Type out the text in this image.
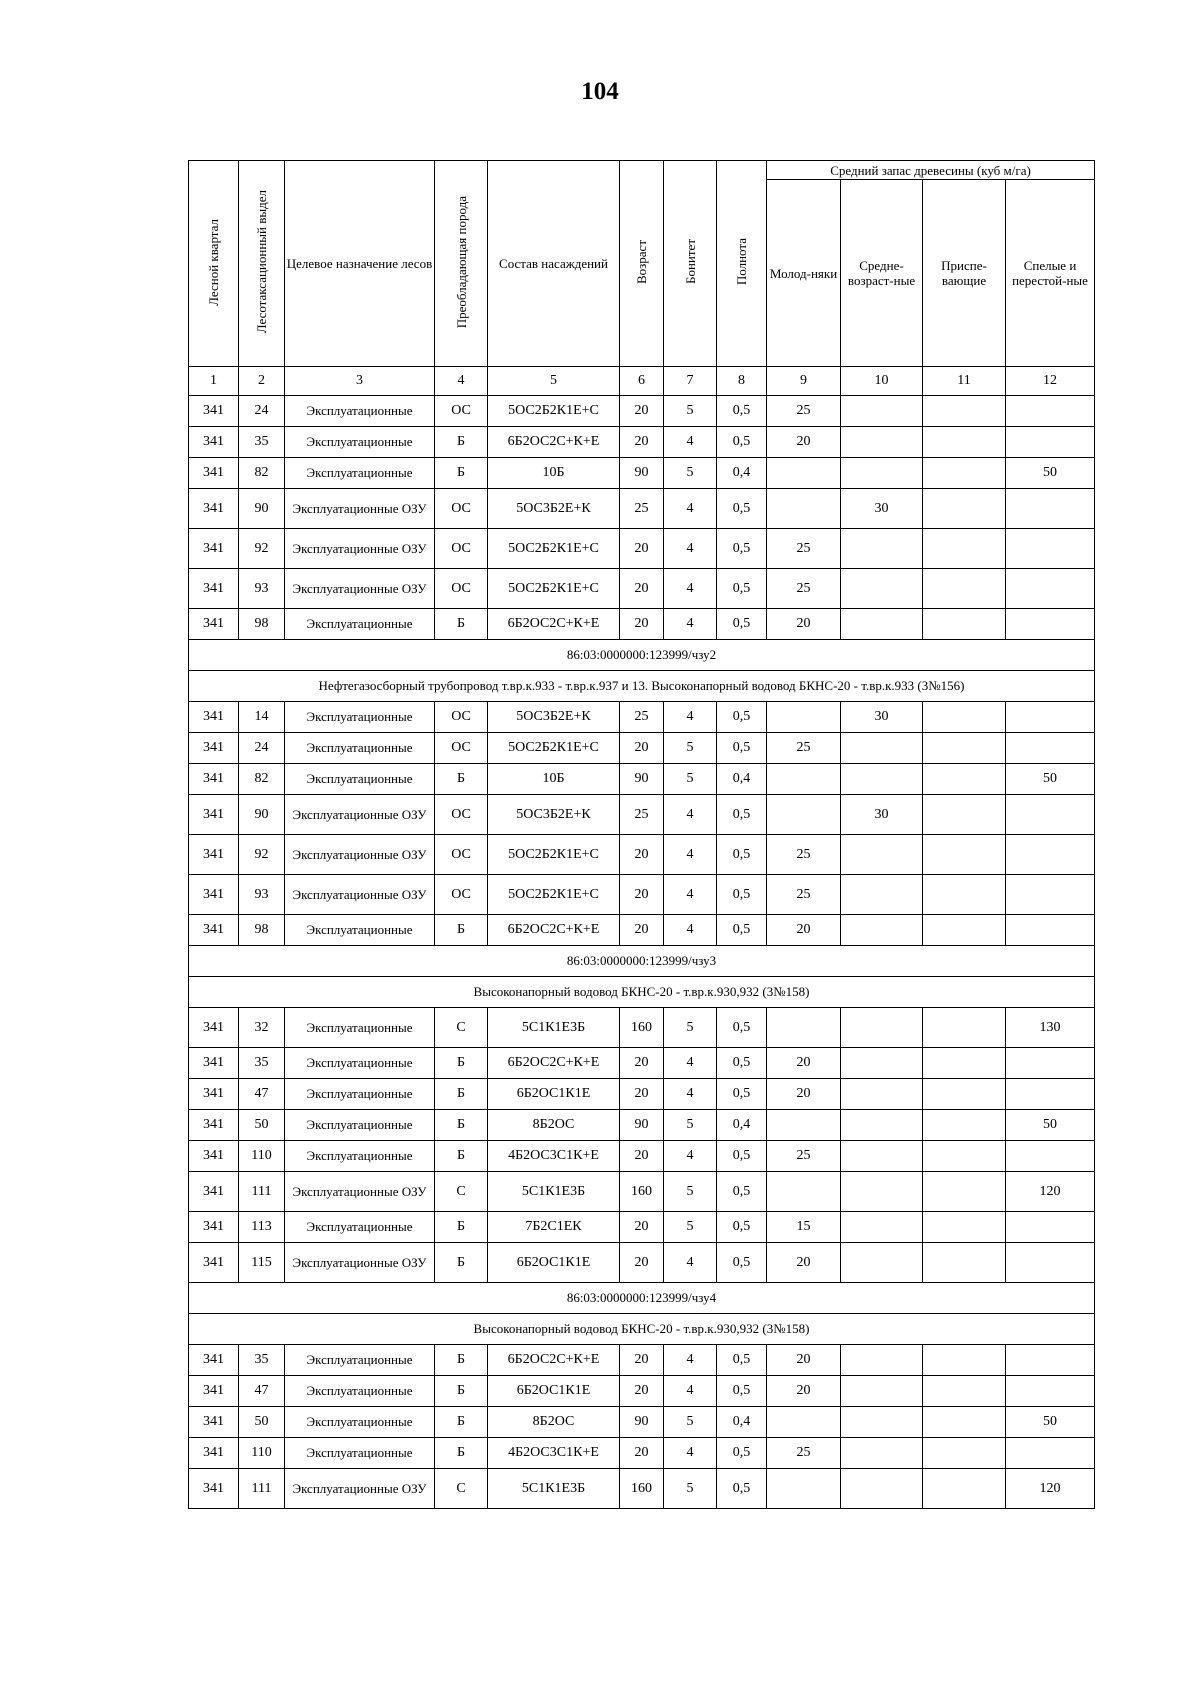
104
Лесной квартал	Лесотаксационный выдел	Целевое назначение лесов	Преобладающая порода	Состав насаждений	Возраст	Бонитет	Полнота	Средний запас древесины (куб м/га)			
								Молод-няки	Средне-возраст-ные	Приспе-вающие	Спелые и перестой-ные
1	2	3	4	5	6	7	8	9	10	11	12
341	24	Эксплуатационные	ОС	5ОС2Б2К1Е+С	20	5	0,5	25			
341	35	Эксплуатационные	Б	6Б2ОС2С+К+Е	20	4	0,5	20			
341	82	Эксплуатационные	Б	10Б	90	5	0,4				50
341	90	Эксплуатационные ОЗУ	ОС	5ОС3Б2Е+К	25	4	0,5		30		
341	92	Эксплуатационные ОЗУ	ОС	5ОС2Б2К1Е+С	20	4	0,5	25			
341	93	Эксплуатационные ОЗУ	ОС	5ОС2Б2К1Е+С	20	4	0,5	25			
341	98	Эксплуатационные	Б	6Б2ОС2С+К+Е	20	4	0,5	20			
86:03:0000000:123999/чзу2											
Нефтегазосборный трубопровод т.вр.к.933 - т.вр.к.937 и 13. Высоконапорный водовод БКНС-20 - т.вр.к.933 (3№156)											
341	14	Эксплуатационные	ОС	5ОС3Б2Е+К	25	4	0,5		30		
341	24	Эксплуатационные	ОС	5ОС2Б2К1Е+С	20	5	0,5	25			
341	82	Эксплуатационные	Б	10Б	90	5	0,4				50
341	90	Эксплуатационные ОЗУ	ОС	5ОС3Б2Е+К	25	4	0,5		30		
341	92	Эксплуатационные ОЗУ	ОС	5ОС2Б2К1Е+С	20	4	0,5	25			
341	93	Эксплуатационные ОЗУ	ОС	5ОС2Б2К1Е+С	20	4	0,5	25			
341	98	Эксплуатационные	Б	6Б2ОС2С+К+Е	20	4	0,5	20			
86:03:0000000:123999/чзу3											
Высоконапорный водовод БКНС-20 - т.вр.к.930,932 (3№158)											
341	32	Эксплуатационные	С	5С1К1Е3Б	160	5	0,5				130
341	35	Эксплуатационные	Б	6Б2ОС2С+К+Е	20	4	0,5	20			
341	47	Эксплуатационные	Б	6Б2ОС1К1Е	20	4	0,5	20			
341	50	Эксплуатационные	Б	8Б2ОС	90	5	0,4				50
341	110	Эксплуатационные	Б	4Б2ОС3С1К+Е	20	4	0,5	25			
341	111	Эксплуатационные ОЗУ	С	5С1К1Е3Б	160	5	0,5				120
341	113	Эксплуатационные	Б	7Б2С1ЕК	20	5	0,5	15			
341	115	Эксплуатационные ОЗУ	Б	6Б2ОС1К1Е	20	4	0,5	20			
86:03:0000000:123999/чзу4											
Высоконапорный водовод БКНС-20 - т.вр.к.930,932 (3№158)											
341	35	Эксплуатационные	Б	6Б2ОС2С+К+Е	20	4	0,5	20			
341	47	Эксплуатационные	Б	6Б2ОС1К1Е	20	4	0,5	20			
341	50	Эксплуатационные	Б	8Б2ОС	90	5	0,4				50
341	110	Эксплуатационные	Б	4Б2ОС3С1К+Е	20	4	0,5	25			
341	111	Эксплуатационные ОЗУ	С	5С1К1Е3Б	160	5	0,5				120
